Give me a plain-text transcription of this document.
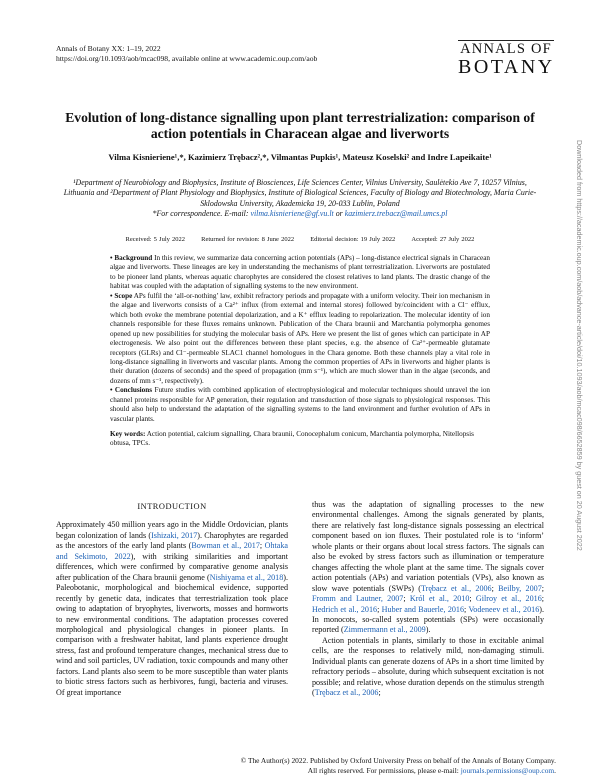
Annals of Botany XX: 1–19, 2022
https://doi.org/10.1093/aob/mcac098, available online at www.academic.oup.com/aob
ANNALS OF
BOTANY
Evolution of long-distance signalling upon plant terrestrialization: comparison of action potentials in Characean algae and liverworts
Vilma Kisnieriene¹,*, Kazimierz Trębacz²,*, Vilmantas Pupkis¹, Mateusz Koselski² and Indre Lapeikaite¹
¹Department of Neurobiology and Biophysics, Institute of Biosciences, Life Sciences Center, Vilnius University, Saulėtekio Ave 7, 10257 Vilnius, Lithuania and ²Department of Plant Physiology and Biophysics, Institute of Biological Sciences, Faculty of Biology and Biotechnology, Maria Curie-Sklodowska University, Akademicka 19, 20-033 Lublin, Poland
*For correspondence. E-mail: vilma.kisnieriene@gf.vu.lt or kazimierz.trebacz@mail.umcs.pl
Received: 5 July 2022 Returned for revision: 8 June 2022 Editorial decision: 19 July 2022 Accepted: 27 July 2022

• Background In this review, we summarize data concerning action potentials (APs) – long-distance electrical signals in Characean algae and liverworts. These lineages are key in understanding the mechanisms of plant terrestrialization. Liverworts are postulated to be pioneer land plants, whereas aquatic charophytes are considered the closest relatives to land plants. The drastic change of the habitat was coupled with the adaptation of signalling systems to the new environment.

• Scope APs fulfil the ‘all-or-nothing’ law, exhibit refractory periods and propagate with a uniform velocity. Their ion mechanism in the algae and liverworts consists of a Ca²⁺ influx (from external and internal stores) followed by/coincident with a Cl⁻ efflux, which both evoke the membrane potential depolarization, and a K⁺ efflux leading to repolarization. The molecular identity of ion channels responsible for these fluxes remains unknown. Publication of the Chara braunii and Marchantia polymorpha genomes opened up new possibilities for studying the molecular basis of APs. Here we present the list of genes which can participate in AP electrogenesis. We also point out the differences between these plant species, e.g. the absence of Ca²⁺-permeable glutamate receptors (GLRs) and Cl⁻-permeable SLAC1 channel homologues in the Chara genome. Both these channels play a vital role in long-distance signalling in liverworts and vascular plants. Among the common properties of APs in liverworts and higher plants is their duration (dozens of seconds) and the speed of propagation (mm s⁻¹), which are much slower than in the algae (seconds, and dozens of mm s⁻¹, respectively).

• Conclusions Future studies with combined application of electrophysiological and molecular techniques should unravel the ion channel proteins responsible for AP generation, their regulation and transduction of those signals to physiological responses. This should also help to understand the adaptation of the signalling systems to the land environment and further evolution of APs in vascular plants.

Key words: Action potential, calcium signalling, Chara braunii, Conocephalum conicum, Marchantia polymorpha, Nitellopsis obtusa, TPCs.
INTRODUCTION

Approximately 450 million years ago in the Middle Ordovician, plants began colonization of lands (Ishizaki, 2017). Charophytes are regarded as the ancestors of the early land plants (Bowman et al., 2017; Ohtaka and Sekimoto, 2022), with striking similarities and important differences, which were confirmed by comparative genome analysis after publication of the Chara braunii genome (Nishiyama et al., 2018). Paleobotanic, morphological and biochemical evidence, supported recently by genetic data, indicates that terrestrialization took place owing to adaptation of bryophytes, liverworts, mosses and hornworts to new environmental conditions. The adaptation processes covered morphological and physiological changes in pioneer plants. In comparison with a freshwater habitat, land plants experience drought stress, fast and profound temperature changes, mechanical stress due to wind and soil particles, UV radiation, toxic compounds and many other factors. Land plants also seem to be more susceptible than water plants to biotic stress factors such as herbivores, fungi, bacteria and viruses. Of great importance

thus was the adaptation of signalling processes to the new environmental challenges. Among the signals generated by plants, there are relatively fast long-distance signals possessing an electrical component based on ion fluxes. Their postulated role is to ‘inform’ whole plants or their organs about local stress factors. The signals can also be evoked by stress factors such as illumination or temperature changes affecting the whole plant at the same time. The signals cover action potentials (APs) and variation potentials (VPs), also known as slow wave potentials (SWPs) (Trębacz et al., 2006; Beilby, 2007; Fromm and Lautner, 2007; Król et al., 2010; Gilroy et al., 2016; Hedrich et al., 2016; Huber and Bauerle, 2016; Vodeneev et al., 2016). In monocots, so-called system potentials (SPs) were occasionally reported (Zimmermann et al., 2009).

Action potentials in plants, similarly to those in excitable animal cells, are the responses to relatively mild, non-damaging stimuli. Individual plants can generate dozens of APs in a short time limited by refractory periods – absolute, during which subsequent excitation is not possible; and relative, whose duration depends on the stimulus strength (Trębacz et al., 2006;

© The Author(s) 2022. Published by Oxford University Press on behalf of the Annals of Botany Company.
All rights reserved. For permissions, please e-mail: journals.permissions@oup.com.
Downloaded from https://academic.oup.com/aob/advance-article/doi/10.1093/aob/mcac098/6652859 by guest on 20 August 2022
